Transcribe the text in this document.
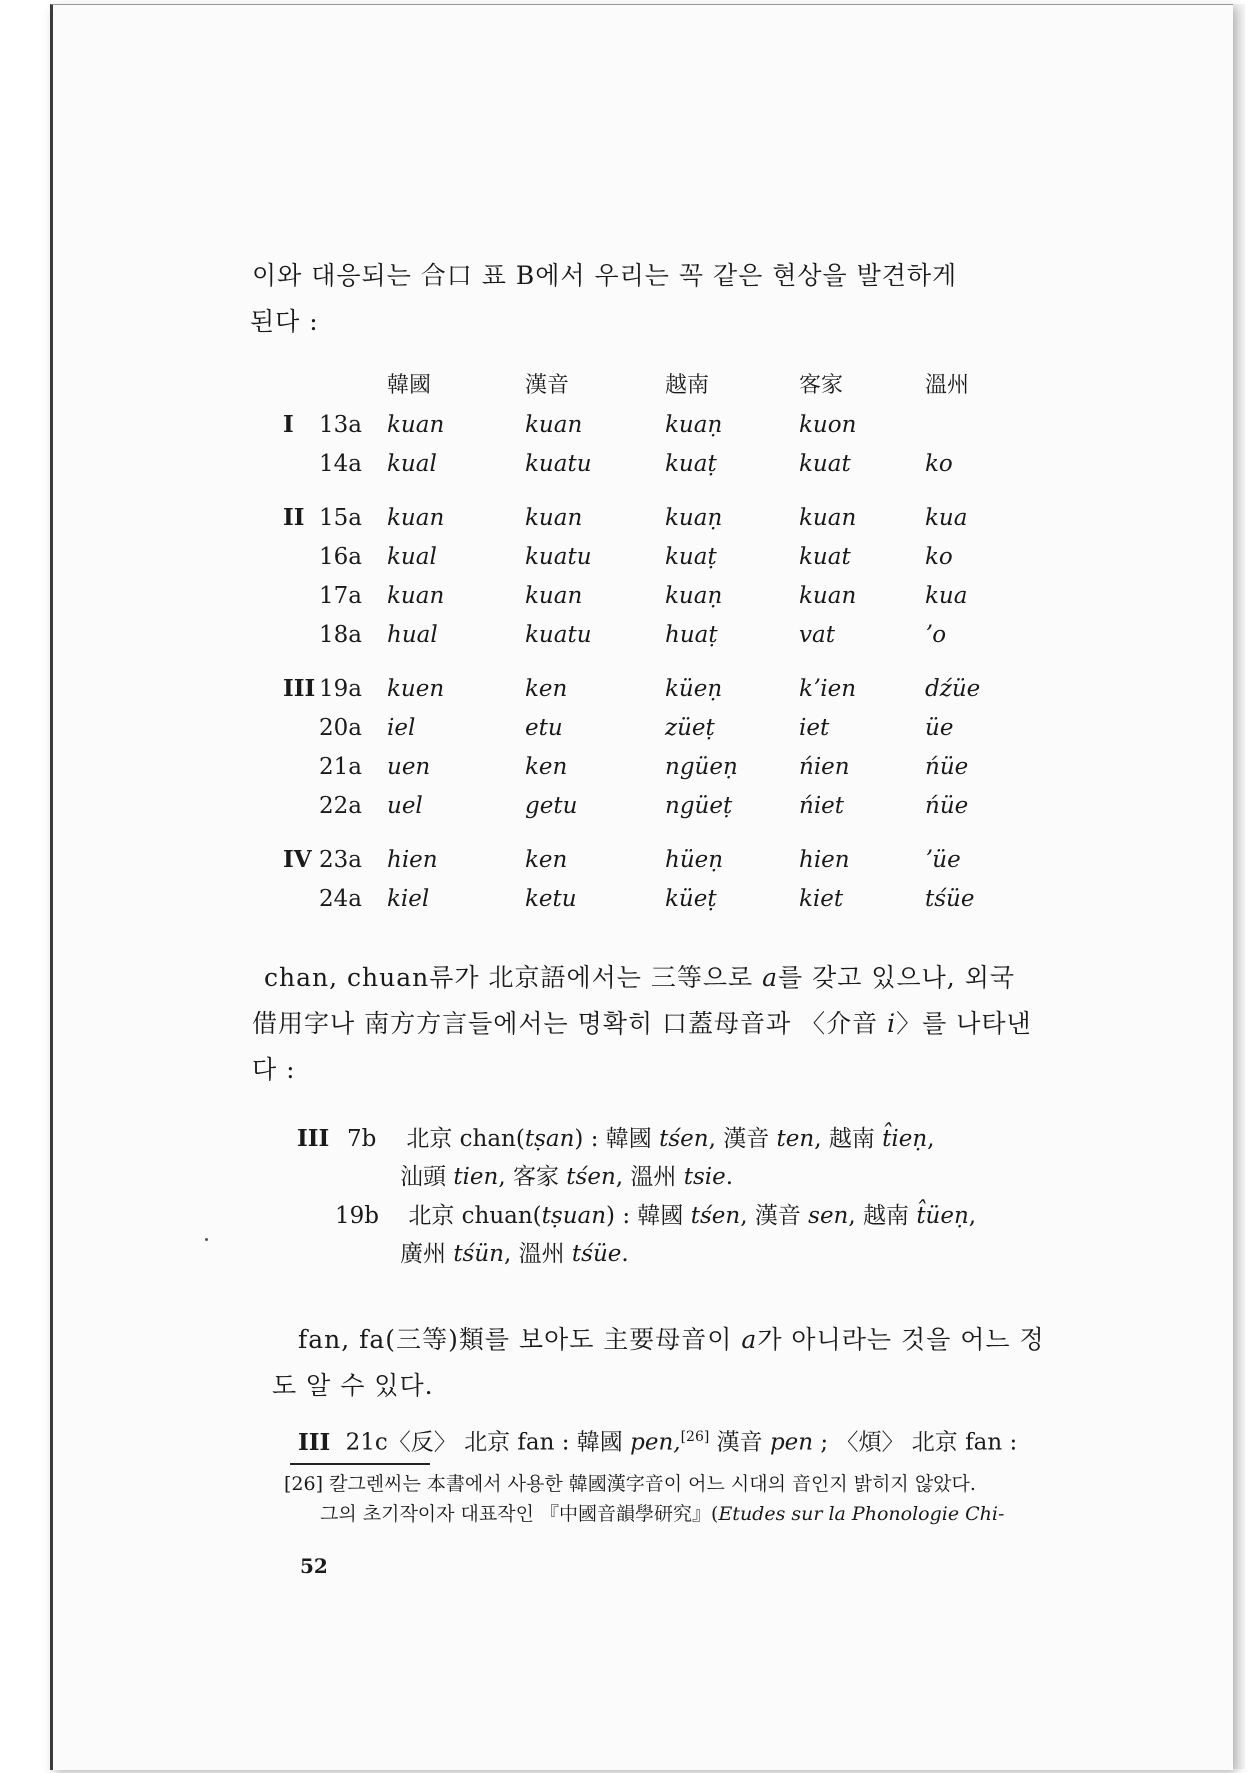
이와 대응되는 合口 표 B에서 우리는 꼭 같은 현상을 발견하게

된다 :

		韓國	漢音	越南	客家	溫州
I	13a	kuan	kuan	kuaṇ	kuon	
	14a	kual	kuatu	kuaṭ	kuat	ko

II	15a	kuan	kuan	kuaṇ	kuan	kua
	16a	kual	kuatu	kuaṭ	kuat	ko
	17a	kuan	kuan	kuaṇ	kuan	kua
	18a	hual	kuatu	huaṭ	vat	ʼo

III	19a	kuen	ken	küeṇ	kʼien	dźüe
	20a	iel	etu	züeṭ	iet	üe
	21a	uen	ken	ngüeṇ	ńien	ńüe
	22a	uel	getu	ngüeṭ	ńiet	ńüe

IV	23a	hien	ken	hüeṇ	hien	ʼüe
	24a	kiel	ketu	küeṭ	kiet	tśüe

chan, chuan류가 北京語에서는 三等으로 a를 갖고 있으나, 외국

借用字나 南方方言들에서는 명확히 口蓋母音과 〈介音 i〉를 나타낸

다 :

III 7b 北京 chan(tṣan) : 韓國 tśen, 漢音 ten, 越南 t̂ieṇ,
汕頭 tien, 客家 tśen, 溫州 tsie.
19b 北京 chuan(tṣuan) : 韓國 tśen, 漢音 sen, 越南 t̂üeṇ,
廣州 tśün, 溫州 tśüe.

fan, fa(三等)類를 보아도 主要母音이 a가 아니라는 것을 어느 정

도 알 수 있다.

III 21c〈反〉 北京 fan : 韓國 pen,[26] 漢音 pen ; 〈煩〉 北京 fan :
[26] 칼그렌씨는 本書에서 사용한 韓國漢字音이 어느 시대의 音인지 밝히지 않았다.
그의 초기작이자 대표작인 『中國音韻學研究』(Etudes sur la Phonologie Chi-
52
